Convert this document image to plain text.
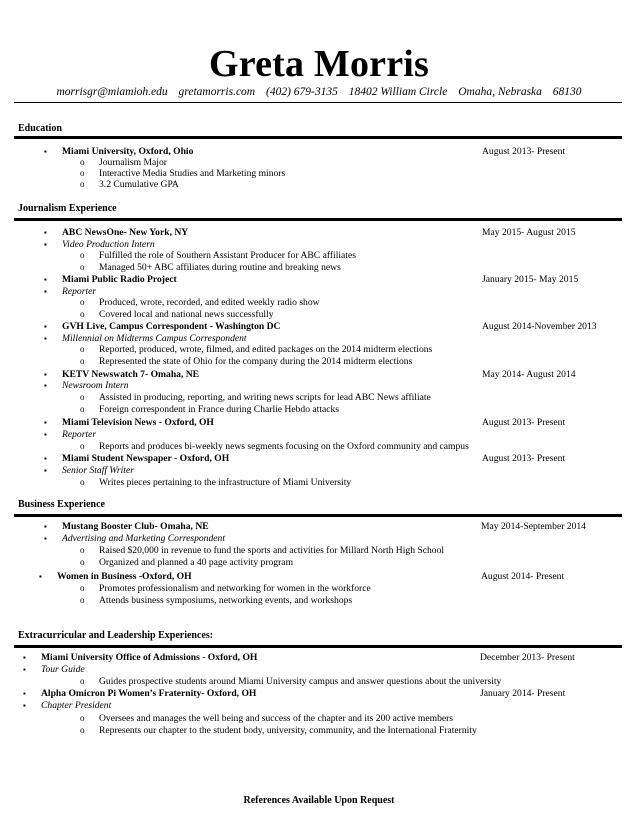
Greta Morris
morrisgr@miamioh.edu gretamorris.com (402) 679-3135 18402 William Circle Omaha, Nebraska 68130
Education
▪ Miami University, Oxford, Ohio	August 2013- Present
o Journalism Major
o Interactive Media Studies and Marketing minors
o 3.2 Cumulative GPA
Journalism Experience
▪ ABC NewsOne- New York, NY	May 2015- August 2015
▪ Video Production Intern
o Fulfilled the role of Southern Assistant Producer for ABC affiliates
o Managed 50+ ABC affiliates during routine and breaking news
▪ Miami Public Radio Project	January 2015- May 2015
▪ Reporter
o Produced, wrote, recorded, and edited weekly radio show
o Covered local and national news successfully
▪ GVH Live, Campus Correspondent - Washington DC	August 2014-November 2013
▪ Millennial on Midterms Campus Correspondent
o Reported, produced, wrote, filmed, and edited packages on the 2014 midterm elections
o Represented the state of Ohio for the company during the 2014 midterm elections
▪ KETV Newswatch 7- Omaha, NE	May 2014- August 2014
▪ Newsroom Intern
o Assisted in producing, reporting, and writing news scripts for lead ABC News affiliate
o Foreign correspondent in France during Charlie Hebdo attacks
▪ Miami Television News - Oxford, OH	August 2013- Present
▪ Reporter
o Reports and produces bi-weekly news segments focusing on the Oxford community and campus
▪ Miami Student Newspaper - Oxford, OH	August 2013- Present
▪ Senior Staff Writer
o Writes pieces pertaining to the infrastructure of Miami University
Business Experience
▪ Mustang Booster Club- Omaha, NE	May 2014-September 2014
▪ Advertising and Marketing Correspondent
o Raised $20,000 in revenue to fund the sports and activities for Millard North High School
o Organized and planned a 40 page activity program
▪ Women in Business -Oxford, OH	August 2014- Present
o Promotes professionalism and networking for women in the workforce
o Attends business symposiums, networking events, and workshops
Extracurricular and Leadership Experiences:
▪ Miami University Office of Admissions - Oxford, OH	December 2013- Present
▪ Tour Guide
o Guides prospective students around Miami University campus and answer questions about the university
▪ Alpha Omicron Pi Women’s Fraternity- Oxford, OH	January 2014- Present
▪ Chapter President
o Oversees and manages the well being and success of the chapter and its 200 active members
o Represents our chapter to the student body, university, community, and the International Fraternity
References Available Upon Request
